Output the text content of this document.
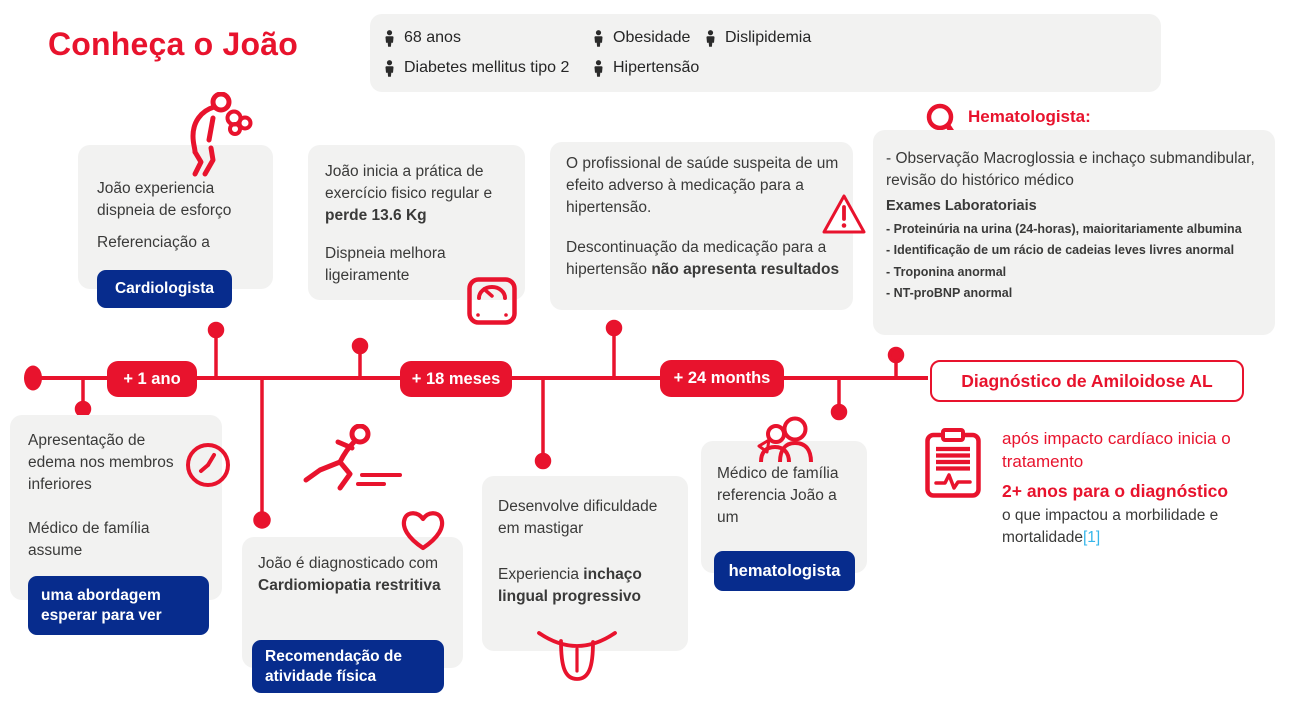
Conheça o João	68 anos
Diabetes mellitus tipo 2
Obesidade
Hipertensão
Dislipidemia
+ 1 ano	+ 18 meses	+ 24 months	Diagnóstico de Amiloidose AL
João experiencia dispneia de esforço
Referenciação a
Cardiologista
João inicia a prática de exercício fisico regular e perde 13.6 Kg
Dispneia melhora ligeiramente
O profissional de saúde suspeita de um efeito adverso à medicação para a hipertensão.
Descontinuação da medicação para a hipertensão não apresenta resultados
Hematologista:
- Observação Macroglossia e inchaço submandibular, revisão do histórico médico
Exames Laboratoriais
- Proteinúria na urina (24-horas), maioritariamente albumina
- Identificação de um rácio de cadeias leves livres anormal
- Troponina anormal
- NT-proBNP anormal
Apresentação de edema nos membros inferiores
Médico de família assume
uma abordagem esperar para ver
João é diagnosticado com Cardiomiopatia restritiva
Recomendação de atividade física
Desenvolve dificuldade em mastigar
Experiencia inchaço lingual progressivo
Médico de família referencia João a um
hematologista
após impacto cardíaco inicia o tratamento
2+ anos para o diagnóstico
o que impactou a morbilidade e mortalidade[1]
